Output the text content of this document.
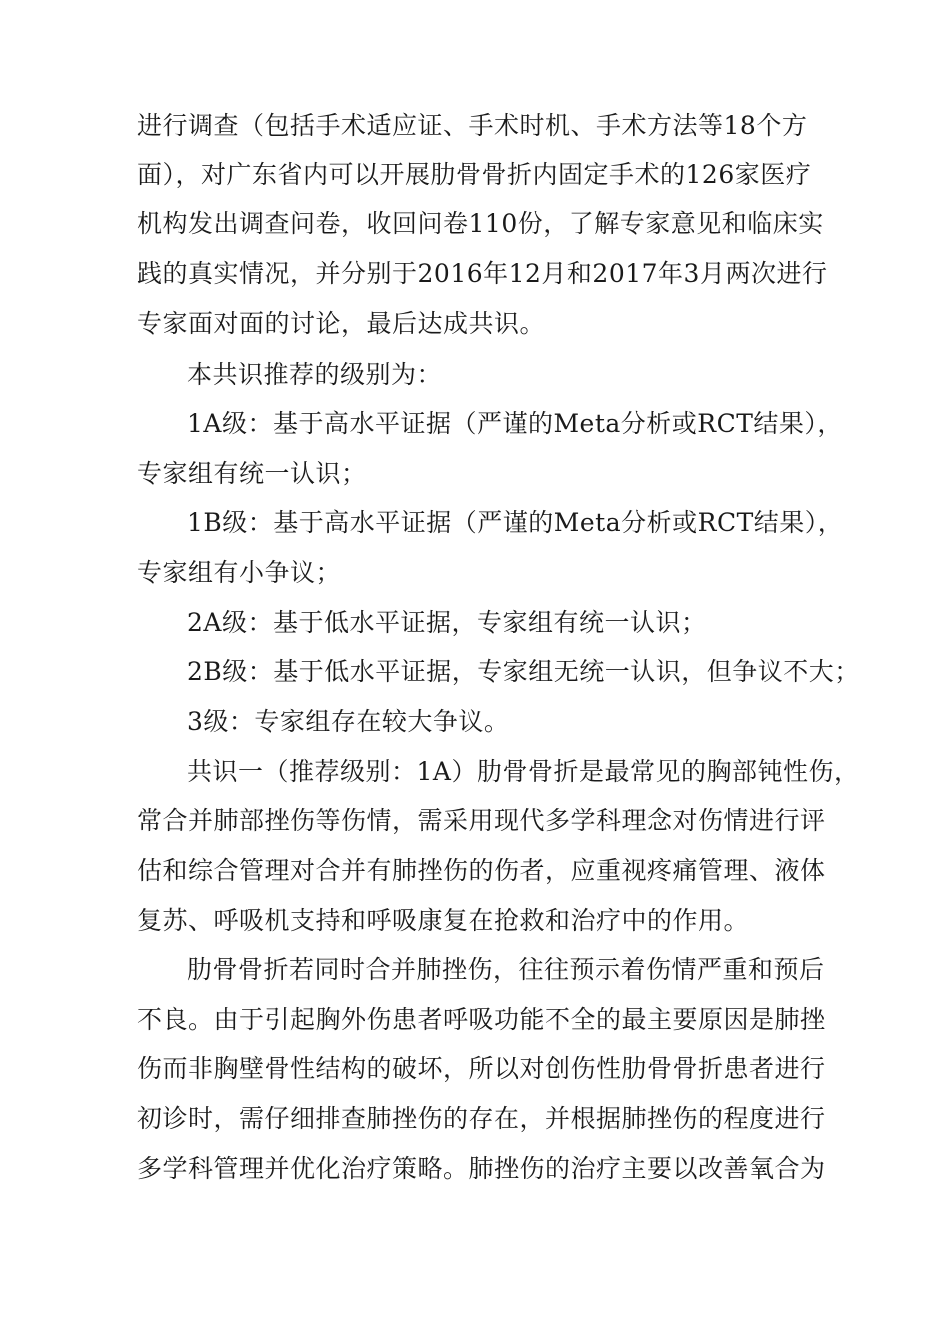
进行调查（包括手术适应证、手术时机、手术方法等18个方
面），对广东省内可以开展肋骨骨折内固定手术的126家医疗
机构发出调查问卷，收回问卷110份，了解专家意见和临床实
践的真实情况，并分别于2016年12月和2017年3月两次进行
专家面对面的讨论，最后达成共识。
本共识推荐的级别为：
1A级：基于高水平证据（严谨的Meta分析或RCT结果），
专家组有统一认识；
1B级：基于高水平证据（严谨的Meta分析或RCT结果），
专家组有小争议；
2A级：基于低水平证据，专家组有统一认识；
2B级：基于低水平证据，专家组无统一认识，但争议不大；
3级：专家组存在较大争议。
共识一（推荐级别：1A）肋骨骨折是最常见的胸部钝性伤，
常合并肺部挫伤等伤情，需采用现代多学科理念对伤情进行评
估和综合管理对合并有肺挫伤的伤者，应重视疼痛管理、液体
复苏、呼吸机支持和呼吸康复在抢救和治疗中的作用。
肋骨骨折若同时合并肺挫伤，往往预示着伤情严重和预后
不良。由于引起胸外伤患者呼吸功能不全的最主要原因是肺挫
伤而非胸壁骨性结构的破坏，所以对创伤性肋骨骨折患者进行
初诊时，需仔细排查肺挫伤的存在，并根据肺挫伤的程度进行
多学科管理并优化治疗策略。肺挫伤的治疗主要以改善氧合为
